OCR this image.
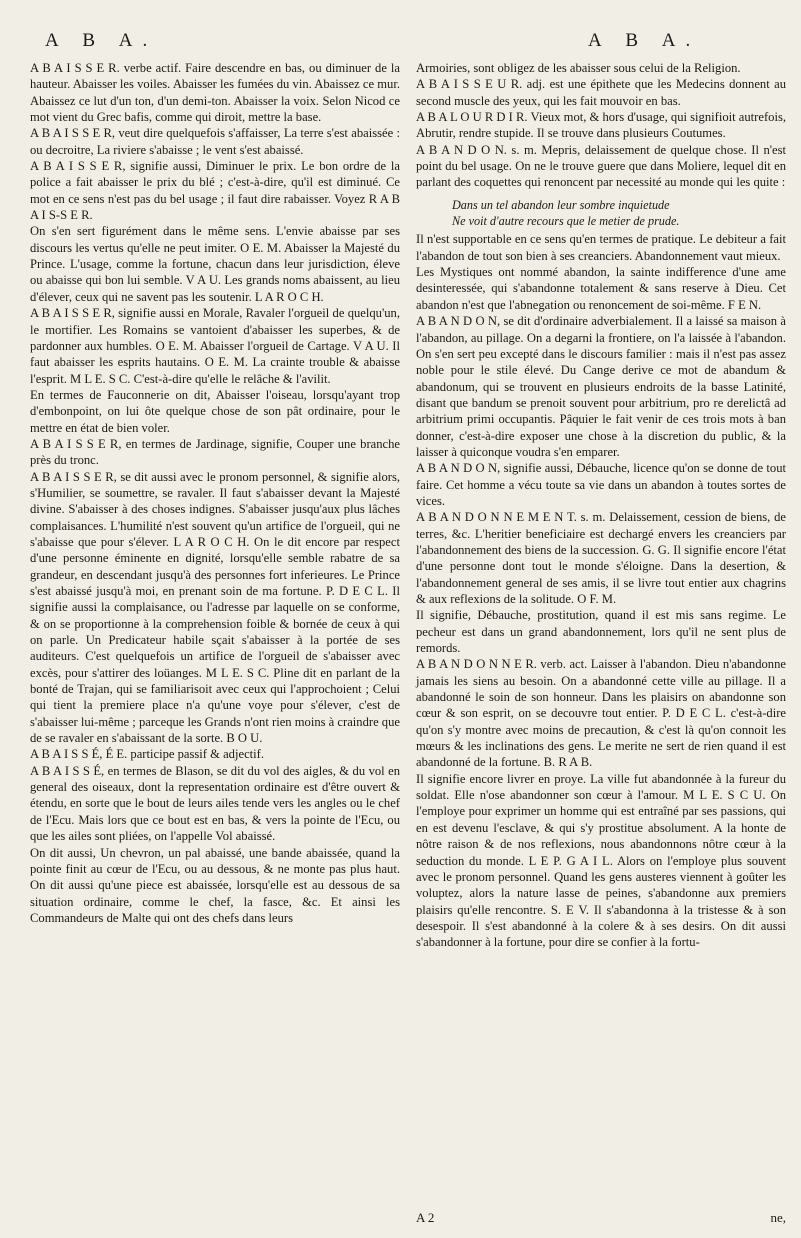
A B A.	A B A.

A B A I S S E R. verbe actif. Faire descendre en bas, ou diminuer de la hauteur. Abaisser les voiles. Abaisser les fumées du vin. Abaissez ce mur. Abaissez ce lut d'un ton, d'un demi-ton. Abaisser la voix. Selon Nicod ce mot vient du Grec bafis, comme qui diroit, mettre la base.

A B A I S S E R, veut dire quelquefois s'affaisser, La terre s'est abaissée : ou decroitre, La riviere s'abaisse ; le vent s'est abaissé.

A B A I S S E R, signifie aussi, Diminuer le prix. Le bon ordre de la police a fait abaisser le prix du blé ; c'est-à-dire, qu'il est diminué. Ce mot en ce sens n'est pas du bel usage ; il faut dire rabaisser. Voyez R A B A I S-S E R.

On s'en sert figurément dans le même sens. L'envie abaisse par ses discours les vertus qu'elle ne peut imiter. O E. M. Abaisser la Majesté du Prince. L'usage, comme la fortune, chacun dans leur jurisdiction, éleve ou abaisse qui bon lui semble. V A U. Les grands noms abaissent, au lieu d'élever, ceux qui ne savent pas les soutenir. L A R O C H.

A B A I S S E R, signifie aussi en Morale, Ravaler l'orgueil de quelqu'un, le mortifier. Les Romains se vantoient d'abaisser les superbes, & de pardonner aux humbles. O E. M. Abaisser l'orgueil de Cartage. V A U. Il faut abaisser les esprits hautains. O E. M. La crainte trouble & abaisse l'esprit. M L E. S C. C'est-à-dire qu'elle le relâche & l'avilit.

En termes de Fauconnerie on dit, Abaisser l'oiseau, lorsqu'ayant trop d'embonpoint, on lui ôte quelque chose de son pât ordinaire, pour le mettre en état de bien voler.

A B A I S S E R, en termes de Jardinage, signifie, Couper une branche près du tronc.

A B A I S S E R, se dit aussi avec le pronom personnel, & signifie alors, s'Humilier, se soumettre, se ravaler. Il faut s'abaisser devant la Majesté divine. S'abaisser à des choses indignes. S'abaisser jusqu'aux plus lâches complaisances. L'humilité n'est souvent qu'un artifice de l'orgueil, qui ne s'abaisse que pour s'élever. L A R O C H. On le dit encore par respect d'une personne éminente en dignité, lorsqu'elle semble rabatre de sa grandeur, en descendant jusqu'à des personnes fort inferieures. Le Prince s'est abaissé jusqu'à moi, en prenant soin de ma fortune. P. D E C L. Il signifie aussi la complaisance, ou l'adresse par laquelle on se conforme, & on se proportionne à la comprehension foible & bornée de ceux à qui on parle. Un Predicateur habile sçait s'abaisser à la portée de ses auditeurs. C'est quelquefois un artifice de l'orgueil de s'abaisser avec excès, pour s'attirer des loüanges. M L E. S C. Pline dit en parlant de la bonté de Trajan, qui se familiarisoit avec ceux qui l'approchoient ; Celui qui tient la premiere place n'a qu'une voye pour s'élever, c'est de s'abaisser lui-même ; parceque les Grands n'ont rien moins à craindre que de se ravaler en s'abaissant de la sorte. B O U.

A B A I S S É, É E. participe passif & adjectif.

A B A I S S É, en termes de Blason, se dit du vol des aigles, & du vol en general des oiseaux, dont la representation ordinaire est d'être ouvert & étendu, en sorte que le bout de leurs ailes tende vers les angles ou le chef de l'Ecu. Mais lors que ce bout est en bas, & vers la pointe de l'Ecu, ou que les ailes sont pliées, on l'appelle Vol abaissé.

On dit aussi, Un chevron, un pal abaissé, une bande abaissée, quand la pointe finit au cœur de l'Ecu, ou au dessous, & ne monte pas plus haut. On dit aussi qu'une piece est abaissée, lorsqu'elle est au dessous de sa situation ordinaire, comme le chef, la fasce, &c. Et ainsi les Commandeurs de Malte qui ont des chefs dans leurs

Armoiries, sont obligez de les abaisser sous celui de la Religion.

A B A I S S E U R. adj. est une épithete que les Medecins donnent au second muscle des yeux, qui les fait mouvoir en bas.

A B A L O U R D I R. Vieux mot, & hors d'usage, qui signifioit autrefois, Abrutir, rendre stupide. Il se trouve dans plusieurs Coutumes.

A B A N D O N. s. m. Mepris, delaissement de quelque chose. Il n'est point du bel usage. On ne le trouve guere que dans Moliere, lequel dit en parlant des coquettes qui renoncent par necessité au monde qui les quite :

Dans un tel abandon leur sombre inquietude
Ne voit d'autre recours que le metier de prude.

Il n'est supportable en ce sens qu'en termes de pratique. Le debiteur a fait l'abandon de tout son bien à ses creanciers. Abandonnement vaut mieux.

Les Mystiques ont nommé abandon, la sainte indifference d'une ame desinteressée, qui s'abandonne totalement & sans reserve à Dieu. Cet abandon n'est que l'abnegation ou renoncement de soi-même. F E N.

A B A N D O N, se dit d'ordinaire adverbialement. Il a laissé sa maison à l'abandon, au pillage. On a degarni la frontiere, on l'a laissée à l'abandon. On s'en sert peu excepté dans le discours familier : mais il n'est pas assez noble pour le stile élevé. Du Cange derive ce mot de abandum & abandonum, qui se trouvent en plusieurs endroits de la basse Latinité, disant que bandum se prenoit souvent pour arbitrium, pro re derelictâ ad arbitrium primi occupantis. Pâquier le fait venir de ces trois mots à ban donner, c'est-à-dire exposer une chose à la discretion du public, & la laisser à quiconque voudra s'en emparer.

A B A N D O N, signifie aussi, Débauche, licence qu'on se donne de tout faire. Cet homme a vécu toute sa vie dans un abandon à toutes sortes de vices.

A B A N D O N N E M E N T. s. m. Delaissement, cession de biens, de terres, &c. L'heritier beneficiaire est dechargé envers les creanciers par l'abandonnement des biens de la succession. G. G. Il signifie encore l'état d'une personne dont tout le monde s'éloigne. Dans la desertion, & l'abandonnement general de ses amis, il se livre tout entier aux chagrins & aux reflexions de la solitude. O F. M.

Il signifie, Débauche, prostitution, quand il est mis sans regime. Le pecheur est dans un grand abandonnement, lors qu'il ne sent plus de remords.

A B A N D O N N E R. verb. act. Laisser à l'abandon. Dieu n'abandonne jamais les siens au besoin. On a abandonné cette ville au pillage. Il a abandonné le soin de son honneur. Dans les plaisirs on abandonne son cœur & son esprit, on se decouvre tout entier. P. D E C L. c'est-à-dire qu'on s'y montre avec moins de precaution, & c'est là qu'on connoit les mœurs & les inclinations des gens. Le merite ne sert de rien quand il est abandonné de la fortune. B. R A B.

Il signifie encore livrer en proye. La ville fut abandonnée à la fureur du soldat. Elle n'ose abandonner son cœur à l'amour. M L E. S C U. On l'employe pour exprimer un homme qui est entraîné par ses passions, qui en est devenu l'esclave, & qui s'y prostitue absolument. A la honte de nôtre raison & de nos reflexions, nous abandonnons nôtre cœur à la seduction du monde. L E P. G A I L. Alors on l'employe plus souvent avec le pronom personnel. Quand les gens austeres viennent à goûter les voluptez, alors la nature lasse de peines, s'abandonne aux premiers plaisirs qu'elle rencontre. S. E V. Il s'abandonna à la tristesse & à son desespoir. Il s'est abandonné à la colere & à ses desirs. On dit aussi s'abandonner à la fortune, pour dire se confier à la fortu-

A 2	ne,
